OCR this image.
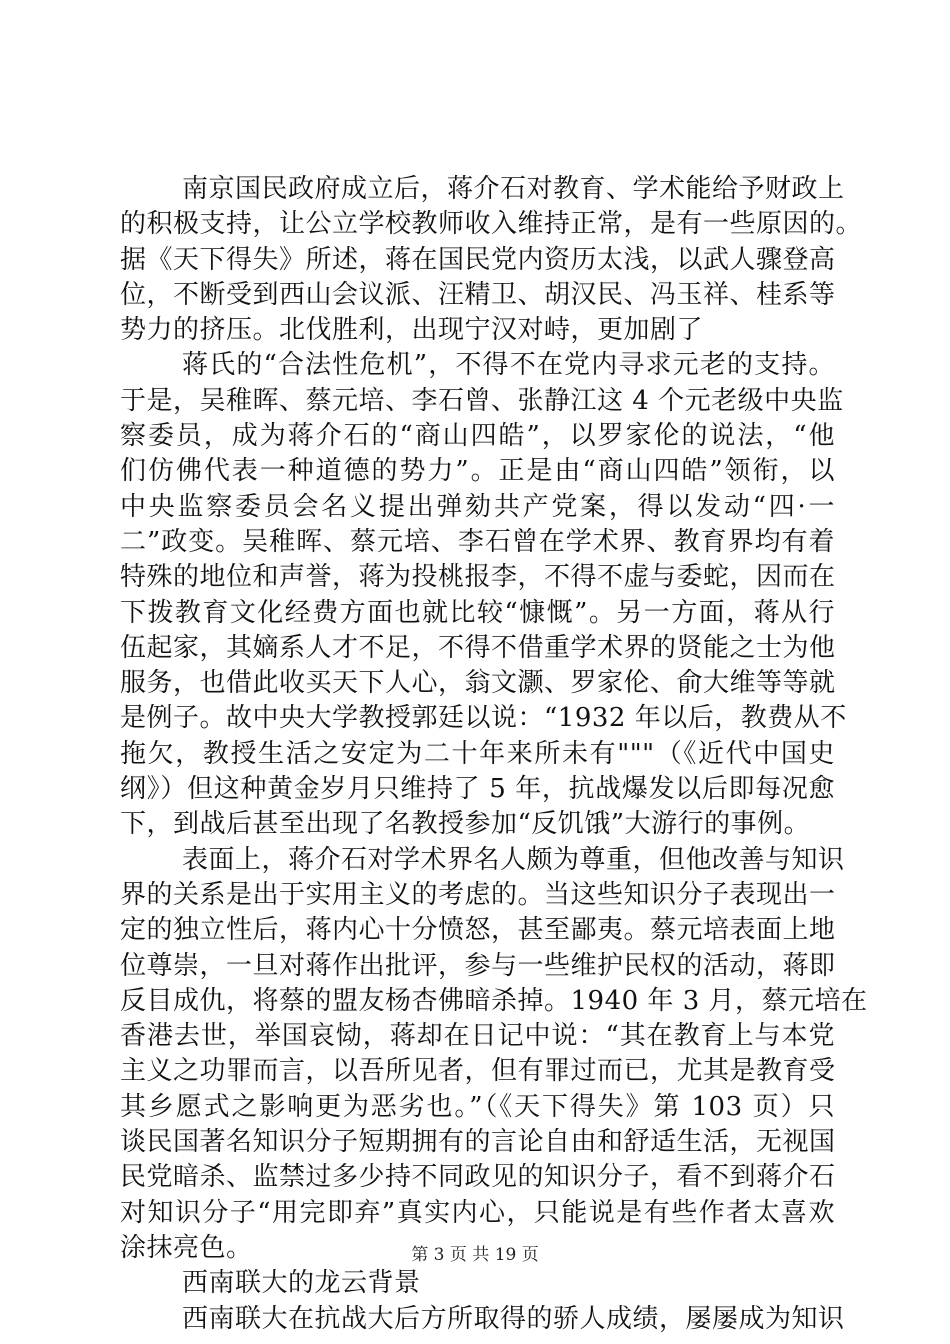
南京国民政府成立后，蒋介石对教育、学术能给予财政上
的积极支持，让公立学校教师收入维持正常，是有一些原因的。
据《天下得失》所述，蒋在国民党内资历太浅，以武人骤登高
位，不断受到西山会议派、汪精卫、胡汉民、冯玉祥、桂系等
势力的挤压。北伐胜利，出现宁汉对峙，更加剧了
蒋氏的“合法性危机”，不得不在党内寻求元老的支持。
于是，吴稚晖、蔡元培、李石曾、张静江这 4 个元老级中央监
察委员，成为蒋介石的“商山四皓”，以罗家伦的说法，“他
们仿佛代表一种道德的势力”。正是由“商山四皓”领衔，以
中央监察委员会名义提出弹劾共产党案，得以发动“四·一
二”政变。吴稚晖、蔡元培、李石曾在学术界、教育界均有着
特殊的地位和声誉，蒋为投桃报李，不得不虚与委蛇，因而在
下拨教育文化经费方面也就比较“慷慨”。另一方面，蒋从行
伍起家，其嫡系人才不足，不得不借重学术界的贤能之士为他
服务，也借此收买天下人心，翁文灏、罗家伦、俞大维等等就
是例子。故中央大学教授郭廷以说：“1932 年以后，教费从不
拖欠，教授生活之安定为二十年来所未有"""（《近代中国史
纲》）但这种黄金岁月只维持了 5 年，抗战爆发以后即每况愈
下，到战后甚至出现了名教授参加“反饥饿”大游行的事例。
表面上，蒋介石对学术界名人颇为尊重，但他改善与知识
界的关系是出于实用主义的考虑的。当这些知识分子表现出一
定的独立性后，蒋内心十分愤怒，甚至鄙夷。蔡元培表面上地
位尊崇，一旦对蒋作出批评，参与一些维护民权的活动，蒋即
反目成仇，将蔡的盟友杨杏佛暗杀掉。1940 年 3 月，蔡元培在
香港去世，举国哀恸，蒋却在日记中说：“其在教育上与本党
主义之功罪而言，以吾所见者，但有罪过而已，尤其是教育受
其乡愿式之影响更为恶劣也。”（《天下得失》第 103 页）只
谈民国著名知识分子短期拥有的言论自由和舒适生活，无视国
民党暗杀、监禁过多少持不同政见的知识分子，看不到蒋介石
对知识分子“用完即弃”真实内心，只能说是有些作者太喜欢
涂抹亮色。
西南联大的龙云背景
西南联大在抗战大后方所取得的骄人成绩，屡屡成为知识
第 3 页 共 19 页
